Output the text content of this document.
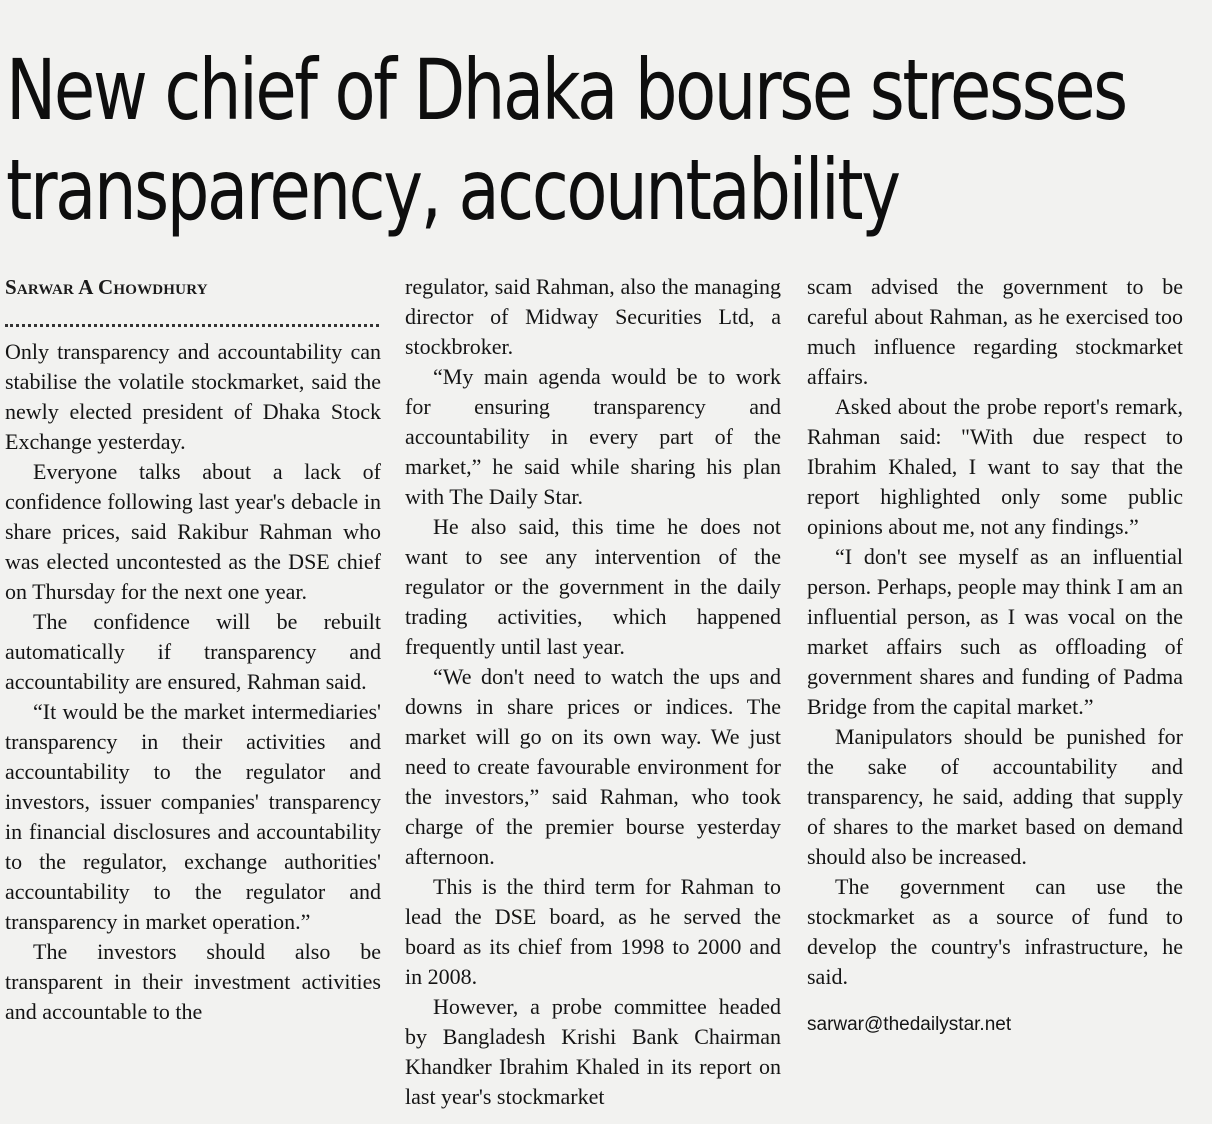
New chief of Dhaka bourse stresses
transparency, accountability
Sarwar A Chowdhury

Only transparency and accountability can stabilise the volatile stockmarket, said the newly elected president of Dhaka Stock Exchange yesterday.

Everyone talks about a lack of confidence following last year's debacle in share prices, said Rakibur Rahman who was elected uncontested as the DSE chief on Thursday for the next one year.

The confidence will be rebuilt automatically if transparency and accountability are ensured, Rahman said.

“It would be the market intermediaries' transparency in their activities and accountability to the regulator and investors, issuer companies' transparency in financial disclosures and accountability to the regulator, exchange authorities' accountability to the regulator and transparency in market operation.”

The investors should also be transparent in their investment activities and accountable to the

regulator, said Rahman, also the managing director of Midway Securities Ltd, a stockbroker.

“My main agenda would be to work for ensuring transparency and accountability in every part of the market,” he said while sharing his plan with The Daily Star.

He also said, this time he does not want to see any intervention of the regulator or the government in the daily trading activities, which happened frequently until last year.

“We don't need to watch the ups and downs in share prices or indices. The market will go on its own way. We just need to create favourable environment for the investors,” said Rahman, who took charge of the premier bourse yesterday afternoon.

This is the third term for Rahman to lead the DSE board, as he served the board as its chief from 1998 to 2000 and in 2008.

However, a probe committee headed by Bangladesh Krishi Bank Chairman Khandker Ibrahim Khaled in its report on last year's stockmarket

scam advised the government to be careful about Rahman, as he exercised too much influence regarding stockmarket affairs.

Asked about the probe report's remark, Rahman said: "With due respect to Ibrahim Khaled, I want to say that the report highlighted only some public opinions about me, not any findings.”

“I don't see myself as an influential person. Perhaps, people may think I am an influential person, as I was vocal on the market affairs such as offloading of government shares and funding of Padma Bridge from the capital market.”

Manipulators should be punished for the sake of accountability and transparency, he said, adding that supply of shares to the market based on demand should also be increased.

The government can use the stockmarket as a source of fund to develop the country's infrastructure, he said.

sarwar@thedailystar.net
